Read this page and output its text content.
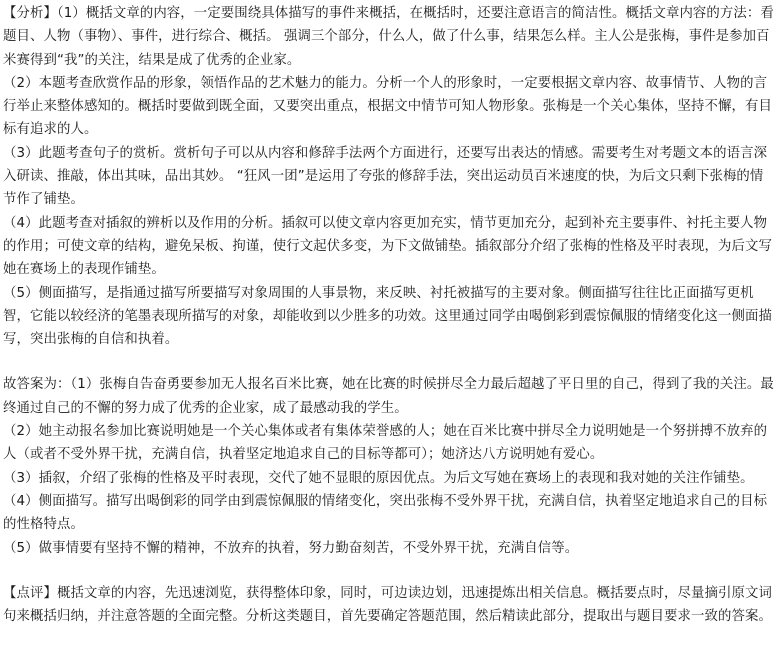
【分析】（1）概括文章的内容，一定要围绕具体描写的事件来概括，在概括时，还要注意语言的简洁性。概括文章内容的方法：看题目、人物（事物）、事件，进行综合、概括。 强调三个部分，什么人，做了什么事，结果怎么样。主人公是张梅，事件是参加百米赛得到“我”的关注，结果是成了优秀的企业家。

（2）本题考查欣赏作品的形象，领悟作品的艺术魅力的能力。分析一个人的形象时，一定要根据文章内容、故事情节、人物的言行举止来整体感知的。概括时要做到既全面，又要突出重点，根据文中情节可知人物形象。张梅是一个关心集体，坚持不懈，有目标有追求的人。

（3）此题考查句子的赏析。赏析句子可以从内容和修辞手法两个方面进行，还要写出表达的情感。需要考生对考题文本的语言深入研读、推敲，体出其味，品出其妙。 “狂风一团”是运用了夸张的修辞手法，突出运动员百米速度的快，为后文只剩下张梅的情节作了铺垫。

（4）此题考查对插叙的辨析以及作用的分析。插叙可以使文章内容更加充实，情节更加充分，起到补充主要事件、衬托主要人物的作用；可使文章的结构，避免呆板、拘谨，使行文起伏多变，为下文做铺垫。插叙部分介绍了张梅的性格及平时表现，为后文写她在赛场上的表现作铺垫。

（5）侧面描写，是指通过描写所要描写对象周围的人事景物，来反映、衬托被描写的主要对象。侧面描写往往比正面描写更机智，它能以较经济的笔墨表现所描写的对象，却能收到以少胜多的功效。这里通过同学由喝倒彩到震惊佩服的情绪变化这一侧面描写，突出张梅的自信和执着。

故答案为：（1）张梅自告奋勇要参加无人报名百米比赛，她在比赛的时候拼尽全力最后超越了平日里的自己，得到了我的关注。最终通过自己的不懈的努力成了优秀的企业家，成了最感动我的学生。

（2）她主动报名参加比赛说明她是一个关心集体或者有集体荣誉感的人；她在百米比赛中拼尽全力说明她是一个努拼搏不放弃的人（或者不受外界干扰，充满自信，执着坚定地追求自己的目标等都可）；她济达八方说明她有爱心。

（3）插叙，介绍了张梅的性格及平时表现，交代了她不显眼的原因优点。为后文写她在赛场上的表现和我对她的关注作铺垫。

（4）侧面描写。描写出喝倒彩的同学由到震惊佩服的情绪变化，突出张梅不受外界干扰，充满自信，执着坚定地追求自己的目标的性格特点。

（5）做事情要有坚持不懈的精神，不放弃的执着，努力勤奋刻苦，不受外界干扰，充满自信等。

【点评】概括文章的内容，先迅速浏览，获得整体印象，同时，可边读边划，迅速提炼出相关信息。概括要点时，尽量摘引原文词句来概括归纳，并注意答题的全面完整。分析这类题目，首先要确定答题范围，然后精读此部分，提取出与题目要求一致的答案。
